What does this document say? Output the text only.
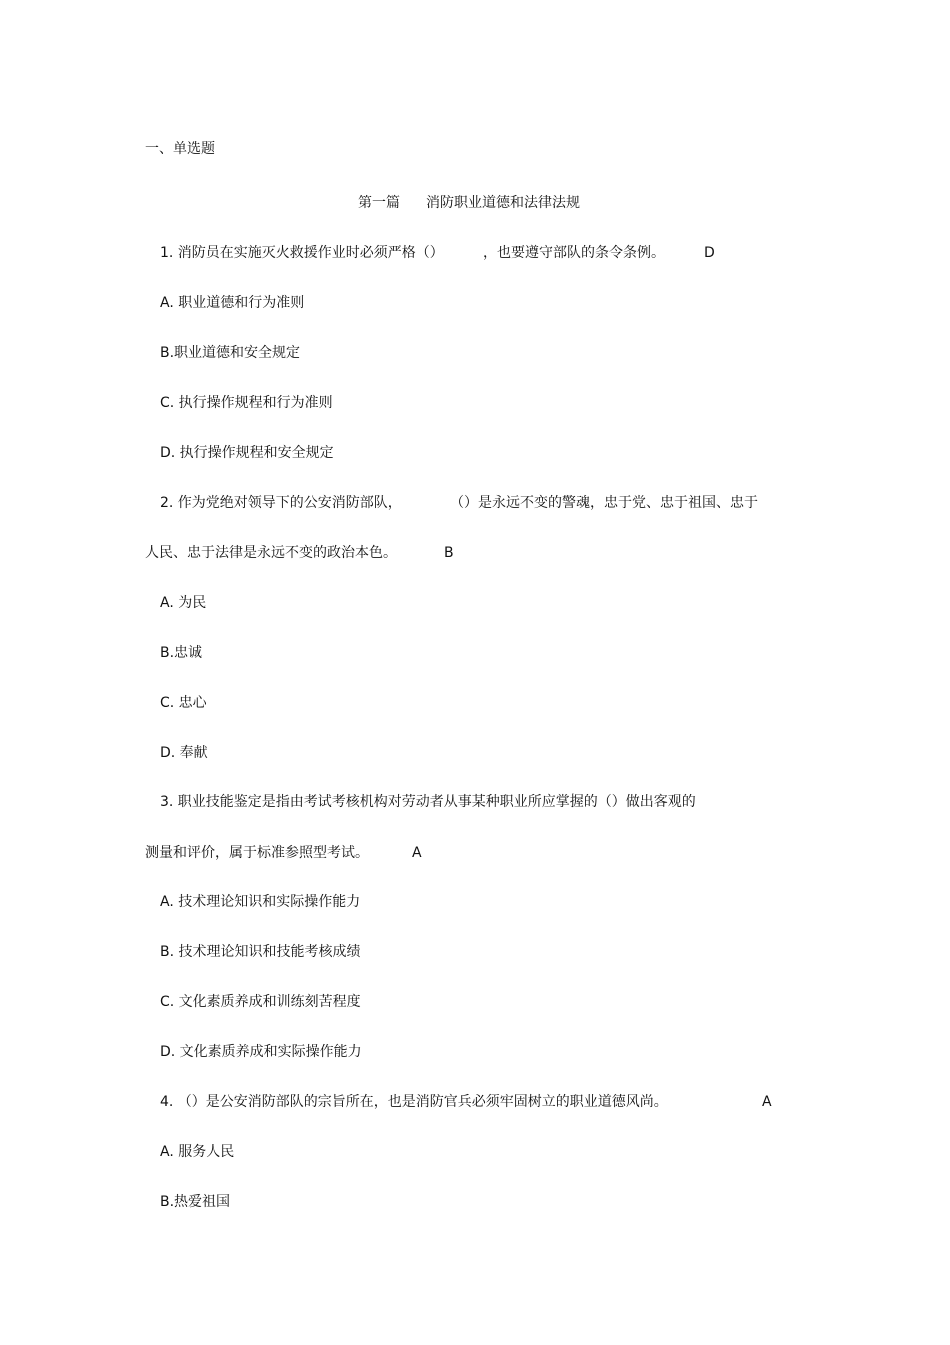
一、单选题
第一篇 消防职业道德和法律法规
1. 消防员在实施灭火救援作业时必须严格（）	，也要遵守部队的条令条例。	D
A. 职业道德和行为准则
B.职业道德和安全规定
C. 执行操作规程和行为准则
D. 执行操作规程和安全规定
2. 作为党绝对领导下的公安消防部队，	（）是永远不变的警魂，忠于党、忠于祖国、忠于
人民、忠于法律是永远不变的政治本色。	B
A. 为民
B.忠诚
C. 忠心
D. 奉献
3. 职业技能鉴定是指由考试考核机构对劳动者从事某种职业所应掌握的（）做出客观的
测量和评价，属于标准参照型考试。	A
A. 技术理论知识和实际操作能力
B. 技术理论知识和技能考核成绩
C. 文化素质养成和训练刻苦程度
D. 文化素质养成和实际操作能力
4. （）是公安消防部队的宗旨所在，也是消防官兵必须牢固树立的职业道德风尚。	A
A. 服务人民
B.热爱祖国
